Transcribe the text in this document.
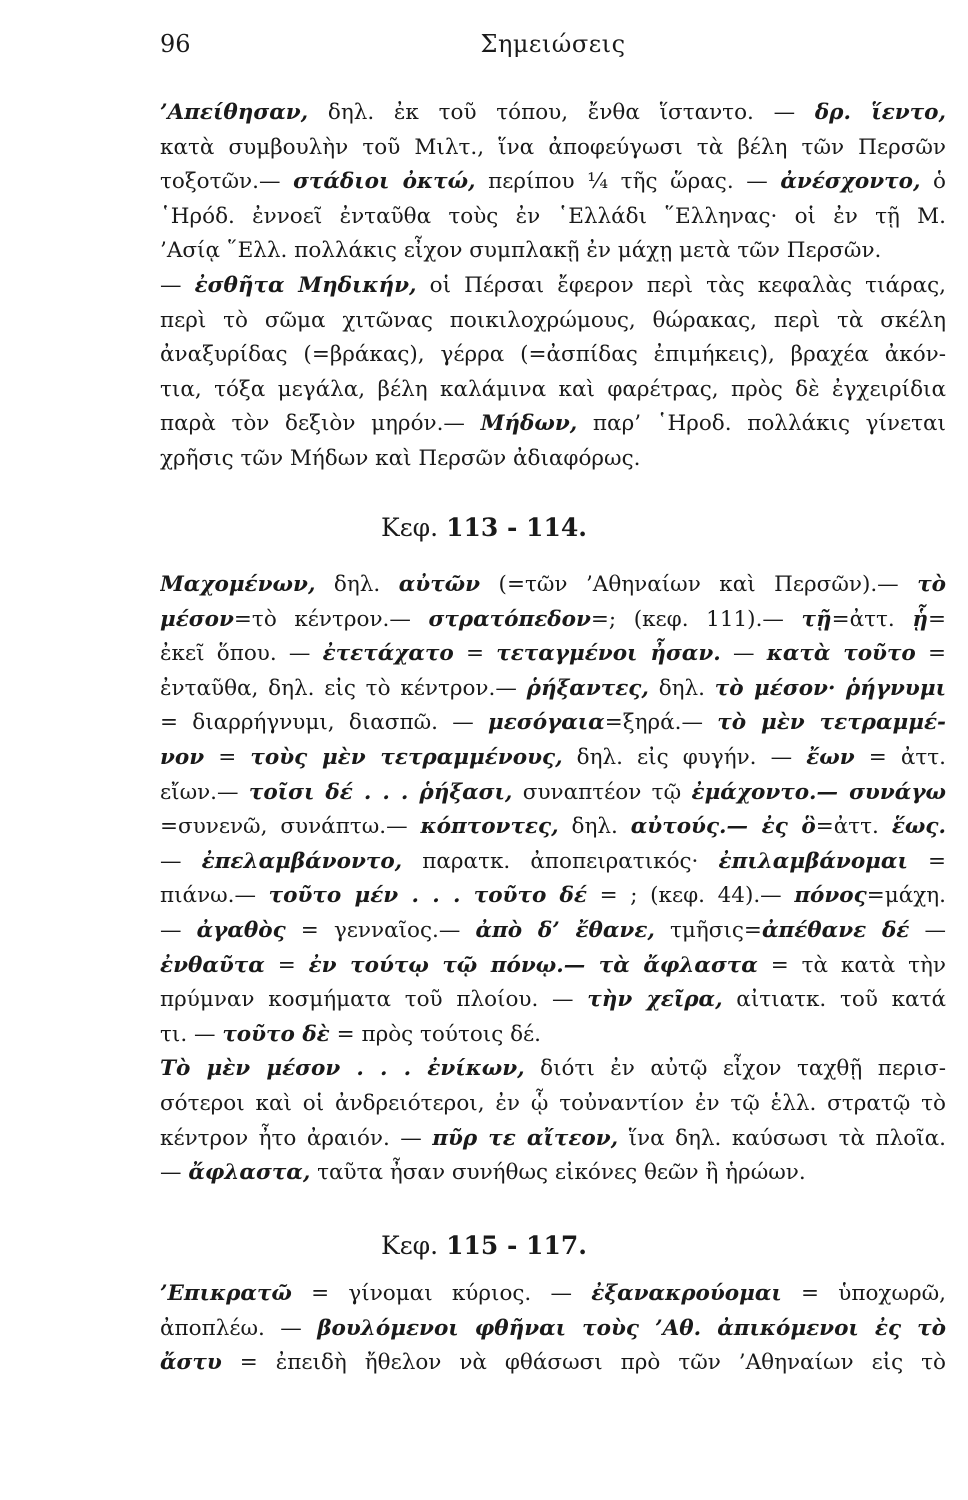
96	Σημειώσεις
’Απείθησαν, δηλ. ἐκ τοῦ τόπου, ἔνθα ἵσταντο. — δρ. ἵεντο,
κατὰ συμβουλὴν τοῦ Μιλτ., ἵνα ἀποφεύγωσι τὰ βέλη τῶν Περσῶν
τοξοτῶν.— στάδιοι ὀκτώ, περίπου ¼ τῆς ὥρας. — ἀνέσχοντο, ὁ
῾Ηρόδ. ἐννοεῖ ἐνταῦθα τοὺς ἐν ῾Ελλάδι ῞Ελληνας· οἱ ἐν τῇ Μ.
’Ασίᾳ ῞Ελλ. πολλάκις εἶχον συμπλακῇ ἐν μάχῃ μετὰ τῶν Περσῶν.
— ἐσθῆτα Μηδικήν, οἱ Πέρσαι ἔφερον περὶ τὰς κεφαλὰς τιάρας,
περὶ τὸ σῶμα χιτῶνας ποικιλοχρώμους, θώρακας, περὶ τὰ σκέλη
ἀναξυρίδας (=βράκας), γέρρα (=ἀσπίδας ἐπιμήκεις), βραχέα ἀκόν-
τια, τόξα μεγάλα, βέλη καλάμινα καὶ φαρέτρας, πρὸς δὲ ἐγχειρίδια
παρὰ τὸν δεξιὸν μηρόν.— Μήδων, παρ’ ῾Ηροδ. πολλάκις γίνεται
χρῆσις τῶν Μήδων καὶ Περσῶν ἀδιαφόρως.
Κεφ. 113 - 114.
Μαχομένων, δηλ. αὐτῶν (=τῶν ’Αθηναίων καὶ Περσῶν).— τὸ
μέσον=τὸ κέντρον.— στρατόπεδον=; (κεφ. 111).— τῇ=ἀττ. ᾗ=
ἐκεῖ ὅπου. — ἐτετάχατο = τεταγμένοι ἦσαν. — κατὰ τοῦτο =
ἐνταῦθα, δηλ. εἰς τὸ κέντρον.— ῥήξαντες, δηλ. τὸ μέσον· ῥήγνυμι
= διαρρήγνυμι, διασπῶ. — μεσόγαια=ξηρά.— τὸ μὲν τετραμμέ-
νον = τοὺς μὲν τετραμμένους, δηλ. εἰς φυγήν. — ἔων = ἀττ.
εἴων.— τοῖσι δέ . . . ῥήξασι, συναπτέον τῷ ἐμάχοντο.— συνάγω
=συνενῶ, συνάπτω.— κόπτοντες, δηλ. αὐτούς.— ἐς ὃ=ἀττ. ἕως.
— ἐπελαμβάνοντο, παρατκ. ἀποπειρατικός· ἐπιλαμβάνομαι =
πιάνω.— τοῦτο μέν . . . τοῦτο δέ = ; (κεφ. 44).— πόνος=μάχη.
— ἀγαθὸς = γενναῖος.— ἀπὸ δ’ ἔθανε, τμῆσις=ἀπέθανε δέ —
ἐνθαῦτα = ἐν τούτῳ τῷ πόνῳ.— τὰ ἄφλαστα = τὰ κατὰ τὴν
πρύμναν κοσμήματα τοῦ πλοίου. — τὴν χεῖρα, αἰτιατκ. τοῦ κατά
τι. — τοῦτο δὲ = πρὸς τούτοις δέ.
Τὸ μὲν μέσον . . . ἐνίκων, διότι ἐν αὐτῷ εἶχον ταχθῇ περισ-
σότεροι καὶ οἱ ἀνδρειότεροι, ἐν ᾧ τοὐναντίον ἐν τῷ ἑλλ. στρατῷ τὸ
κέντρον ἦτο ἀραιόν. — πῦρ τε αἴτεον, ἵνα δηλ. καύσωσι τὰ πλοῖα.
— ἄφλαστα, ταῦτα ἦσαν συνήθως εἰκόνες θεῶν ἢ ἡρώων.
Κεφ. 115 - 117.
’Επικρατῶ = γίνομαι κύριος. — ἐξανακρούομαι = ὑποχωρῶ,
ἀποπλέω. — βουλόμενοι φθῆναι τοὺς ’Αθ. ἀπικόμενοι ἐς τὸ
ἄστυ = ἐπειδὴ ἤθελον νὰ φθάσωσι πρὸ τῶν ’Αθηναίων εἰς τὸ
